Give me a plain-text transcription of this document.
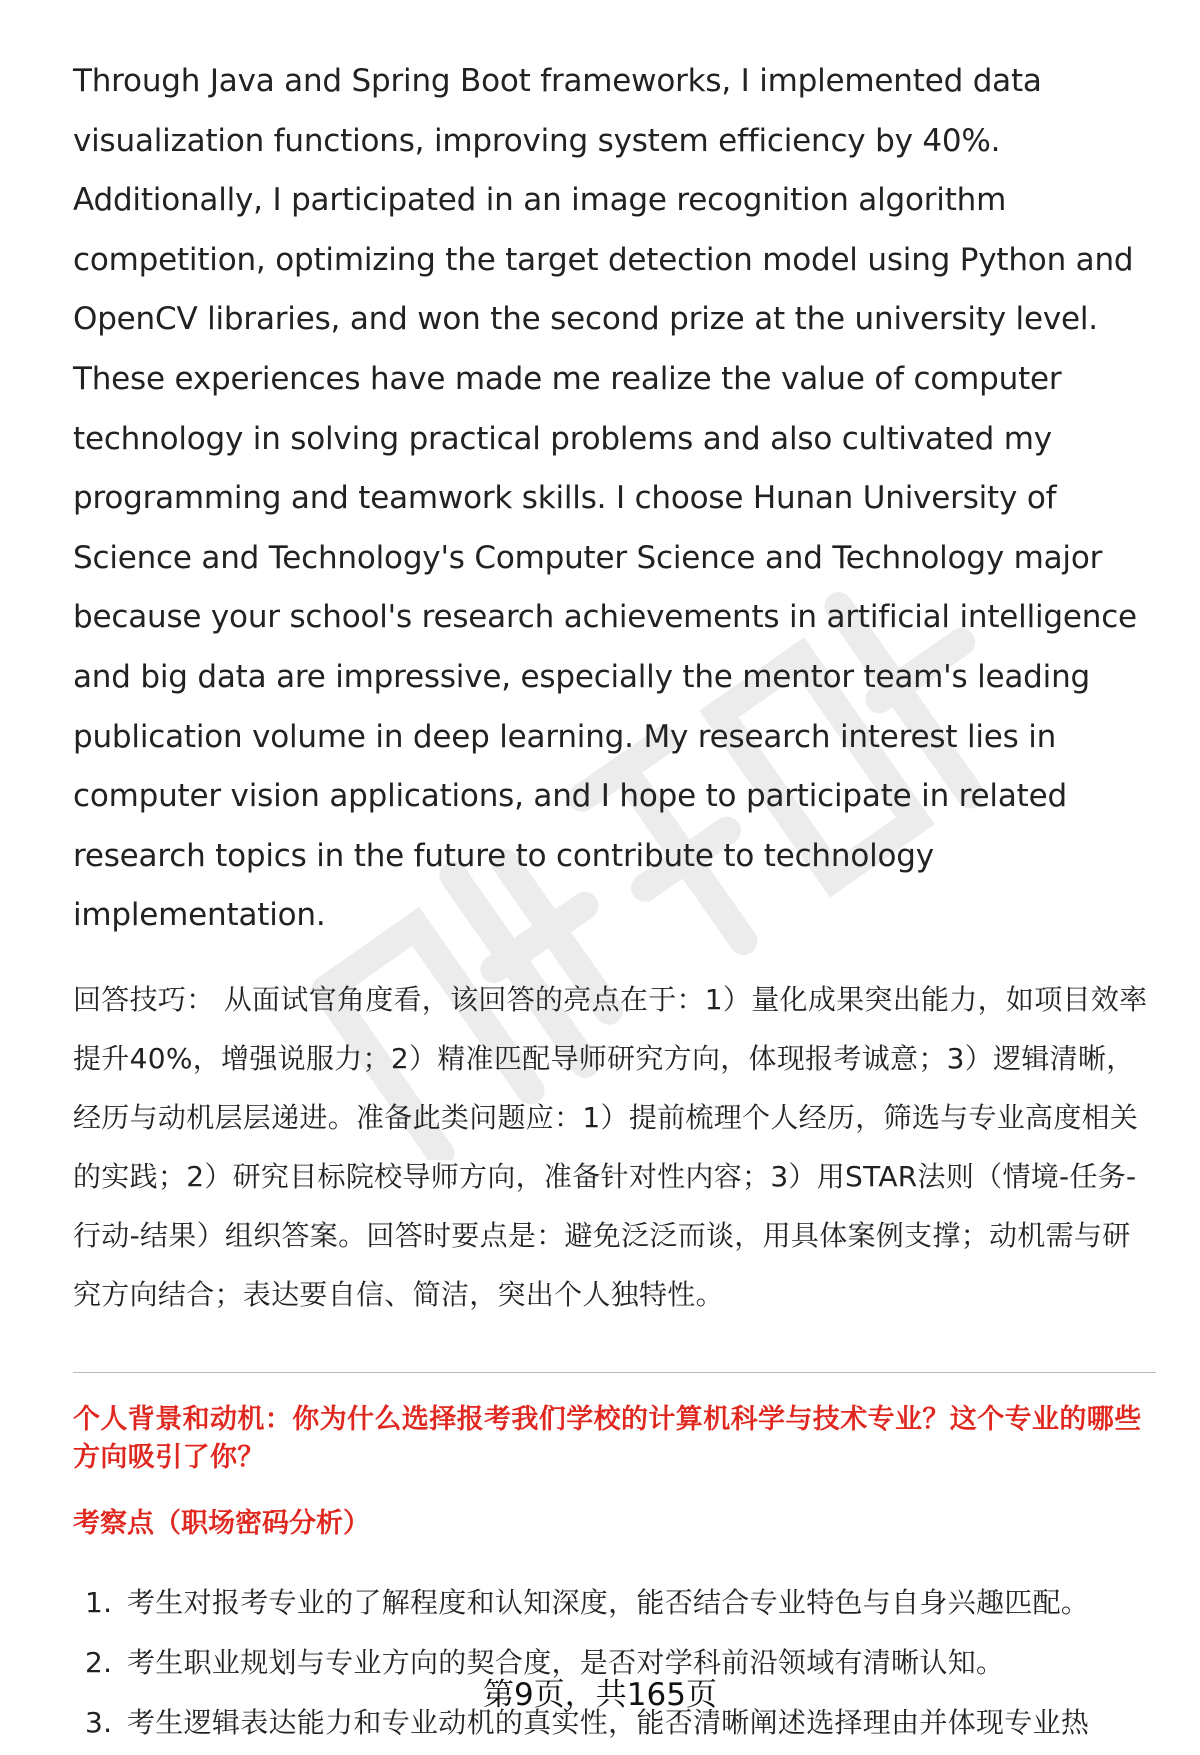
Through Java and Spring Boot frameworks, I implemented data visualization functions, improving system efficiency by 40%. Additionally, I participated in an image recognition algorithm competition, optimizing the target detection model using Python and OpenCV libraries, and won the second prize at the university level. These experiences have made me realize the value of computer technology in solving practical problems and also cultivated my programming and teamwork skills. I choose Hunan University of Science and Technology's Computer Science and Technology major because your school's research achievements in artificial intelligence and big data are impressive, especially the mentor team's leading publication volume in deep learning. My research interest lies in computer vision applications, and I hope to participate in related research topics in the future to contribute to technology implementation.

回答技巧： 从面试官角度看，该回答的亮点在于：1）量化成果突出能力，如项目效率提升40%，增强说服力；2）精准匹配导师研究方向，体现报考诚意；3）逻辑清晰，经历与动机层层递进。准备此类问题应：1）提前梳理个人经历，筛选与专业高度相关的实践；2）研究目标院校导师方向，准备针对性内容；3）用STAR法则（情境-任务-行动-结果）组织答案。回答时要点是：避免泛泛而谈，用具体案例支撑；动机需与研究方向结合；表达要自信、简洁，突出个人独特性。

个人背景和动机：你为什么选择报考我们学校的计算机科学与技术专业？这个专业的哪些方向吸引了你？
考察点（职场密码分析）
1. 考生对报考专业的了解程度和认知深度，能否结合专业特色与自身兴趣匹配。
2. 考生职业规划与专业方向的契合度，是否对学科前沿领域有清晰认知。
3. 考生逻辑表达能力和专业动机的真实性，能否清晰阐述选择理由并体现专业热
第9页，共165页
